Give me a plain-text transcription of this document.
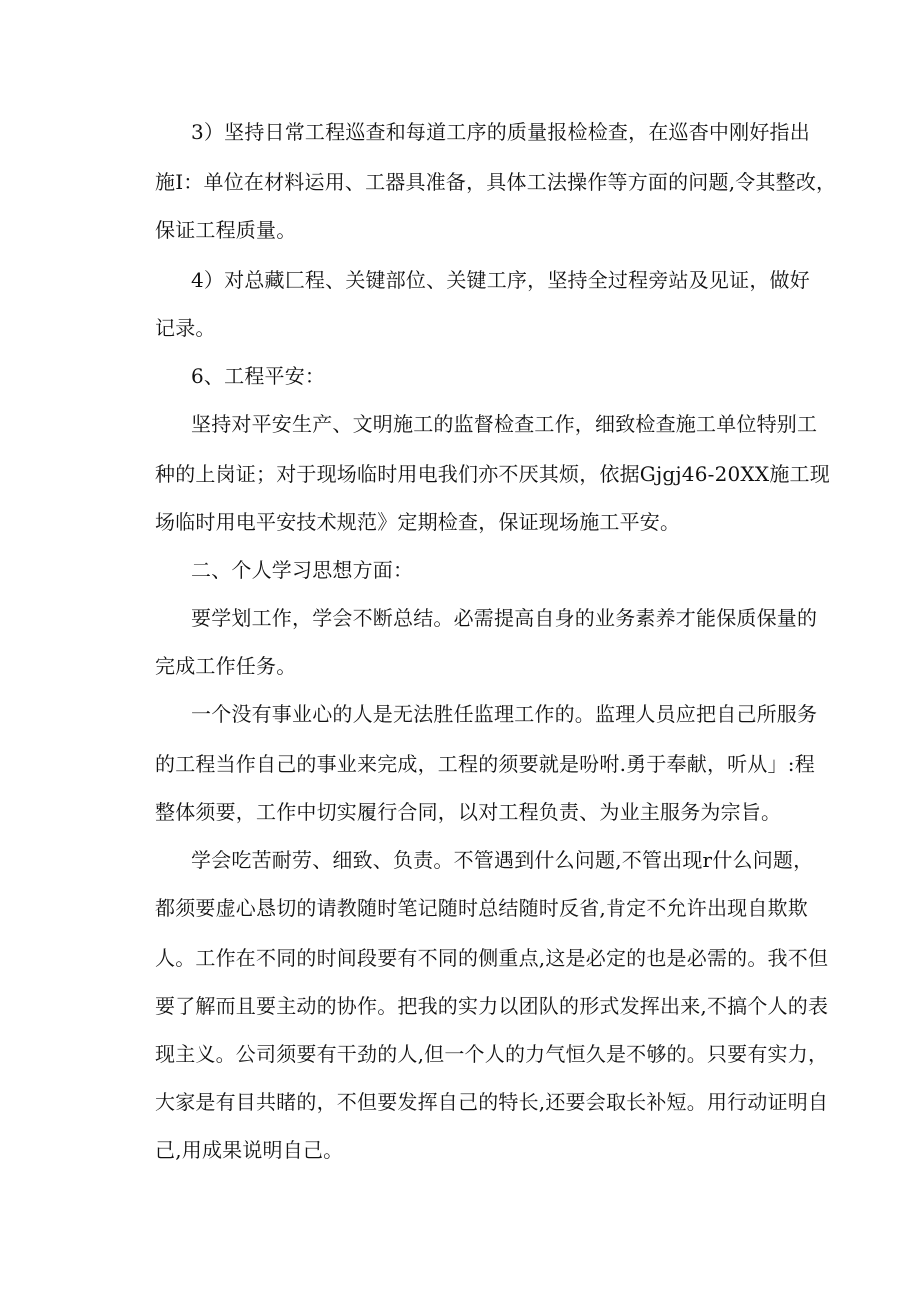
3）坚持日常工程巡查和每道工序的质量报检检查，在巡杳中刚好指出
施I：单位在材料运用、工器具准备，具体工法操作等方面的问题,令其整改，
保证工程质量。
4）对总藏匚程、关键部位、关键工序，坚持全过程旁站及见证，做好
记录。
6、工程平安：
坚持对平安生产、文明施工的监督检查工作，细致检查施工单位特别工
种的上岗证；对于现场临时用电我们亦不厌其烦，依据Gjgj46-20XX施工现
场临时用电平安技术规范》定期检查，保证现场施工平安。
二、个人学习思想方面：
要学划工作，学会不断总结。必需提高自身的业务素养才能保质保量的
完成工作任务。
一个没有事业心的人是无法胜任监理工作的。监理人员应把自己所服务
的工程当作自己的事业来完成，工程的须要就是吩咐.勇于奉献，听从」:程
整体须要，工作中切实履行合同，以对工程负责、为业主服务为宗旨。
学会吃苦耐劳、细致、负责。不管遇到什么问题,不管出现r什么问题，
都须要虚心恳切的请教随时笔记随时总结随时反省,肯定不允许出现自欺欺
人。工作在不同的时间段要有不同的侧重点,这是必定的也是必需的。我不但
要了解而且要主动的协作。把我的实力以团队的形式发挥出来,不搞个人的表
现主义。公司须要有干劲的人,但一个人的力气恒久是不够的。只要有实力，
大家是有目共睹的，不但要发挥自己的特长,还要会取长补短。用行动证明自
己,用成果说明自己。
